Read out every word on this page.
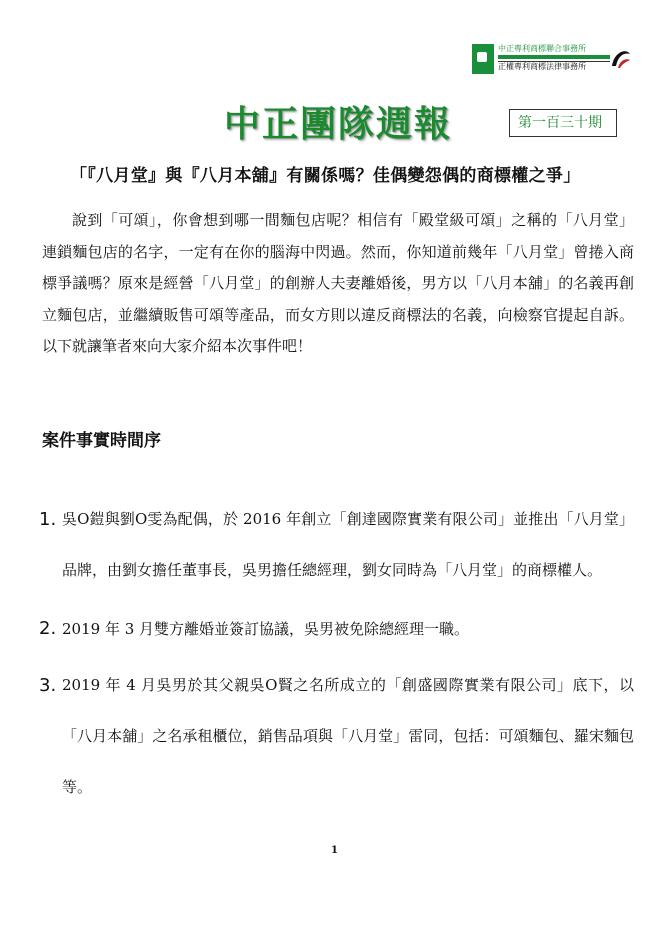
中正專利商標聯合事務所
正權專利商標法律事務所
中正團隊週報	第一百三十期
「『八月堂』與『八月本舖』有關係嗎？佳偶變怨偶的商標權之爭」

說到「可頌」，你會想到哪一間麵包店呢？相信有「殿堂級可頌」之稱的「八月堂」連鎖麵包店的名字，一定有在你的腦海中閃過。然而，你知道前幾年「八月堂」曾捲入商標爭議嗎？原來是經營「八月堂」的創辦人夫妻離婚後，男方以「八月本舖」的名義再創立麵包店，並繼續販售可頌等產品，而女方則以違反商標法的名義，向檢察官提起自訴。以下就讓筆者來向大家介紹本次事件吧！

案件事實時間序
1. 吳O鎧與劉O雯為配偶，於 2016 年創立「創達國際實業有限公司」並推出「八月堂」品牌，由劉女擔任董事長，吳男擔任總經理，劉女同時為「八月堂」的商標權人。
2. 2019 年 3 月雙方離婚並簽訂協議，吳男被免除總經理一職。
3. 2019 年 4 月吳男於其父親吳O賢之名所成立的「創盛國際實業有限公司」底下，以「八月本舖」之名承租櫃位，銷售品項與「八月堂」雷同，包括：可頌麵包、羅宋麵包等。
1
